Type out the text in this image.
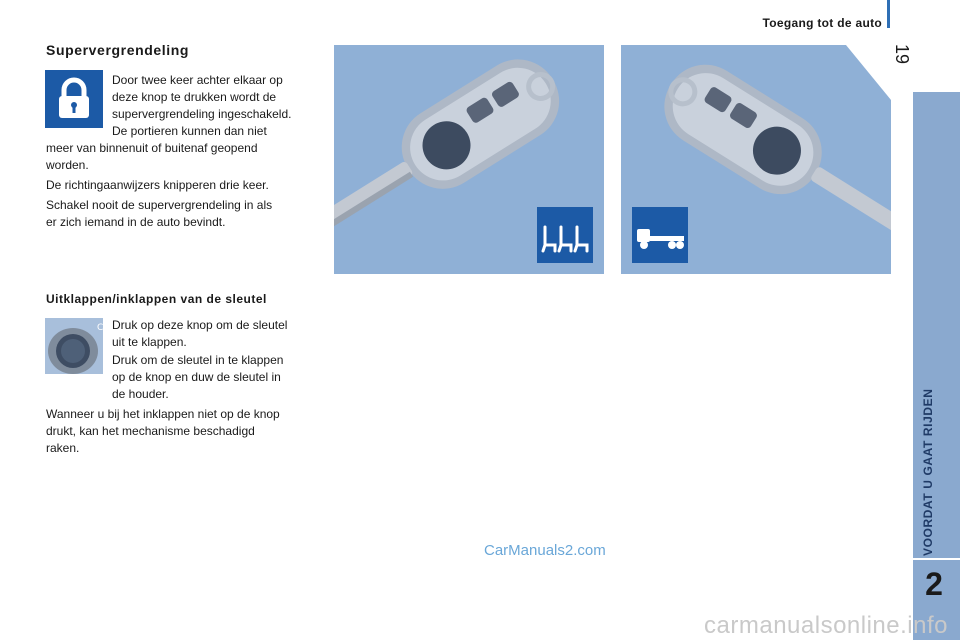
Toegang tot de auto
19
VOORDAT U GAAT RIJDEN
2
Supervergrendeling

Door twee keer achter elkaar op

deze knop te drukken wordt de

supervergrendeling ingeschakeld.

De portieren kunnen dan niet

meer van binnenuit of buitenaf geopend

worden.

De richtingaanwijzers knipperen drie keer.

Schakel nooit de supervergrendeling in als

er zich iemand in de auto bevindt.

Uitklappen/inklappen van de sleutel
C Druk op deze knop om de sleutel

uit te klappen.

Druk om de sleutel in te klappen

op de knop en duw de sleutel in

de houder.

Wanneer u bij het inklappen niet op de knop

drukt, kan het mechanisme beschadigd

raken.

CarManuals2.com
carmanualsonline.info
